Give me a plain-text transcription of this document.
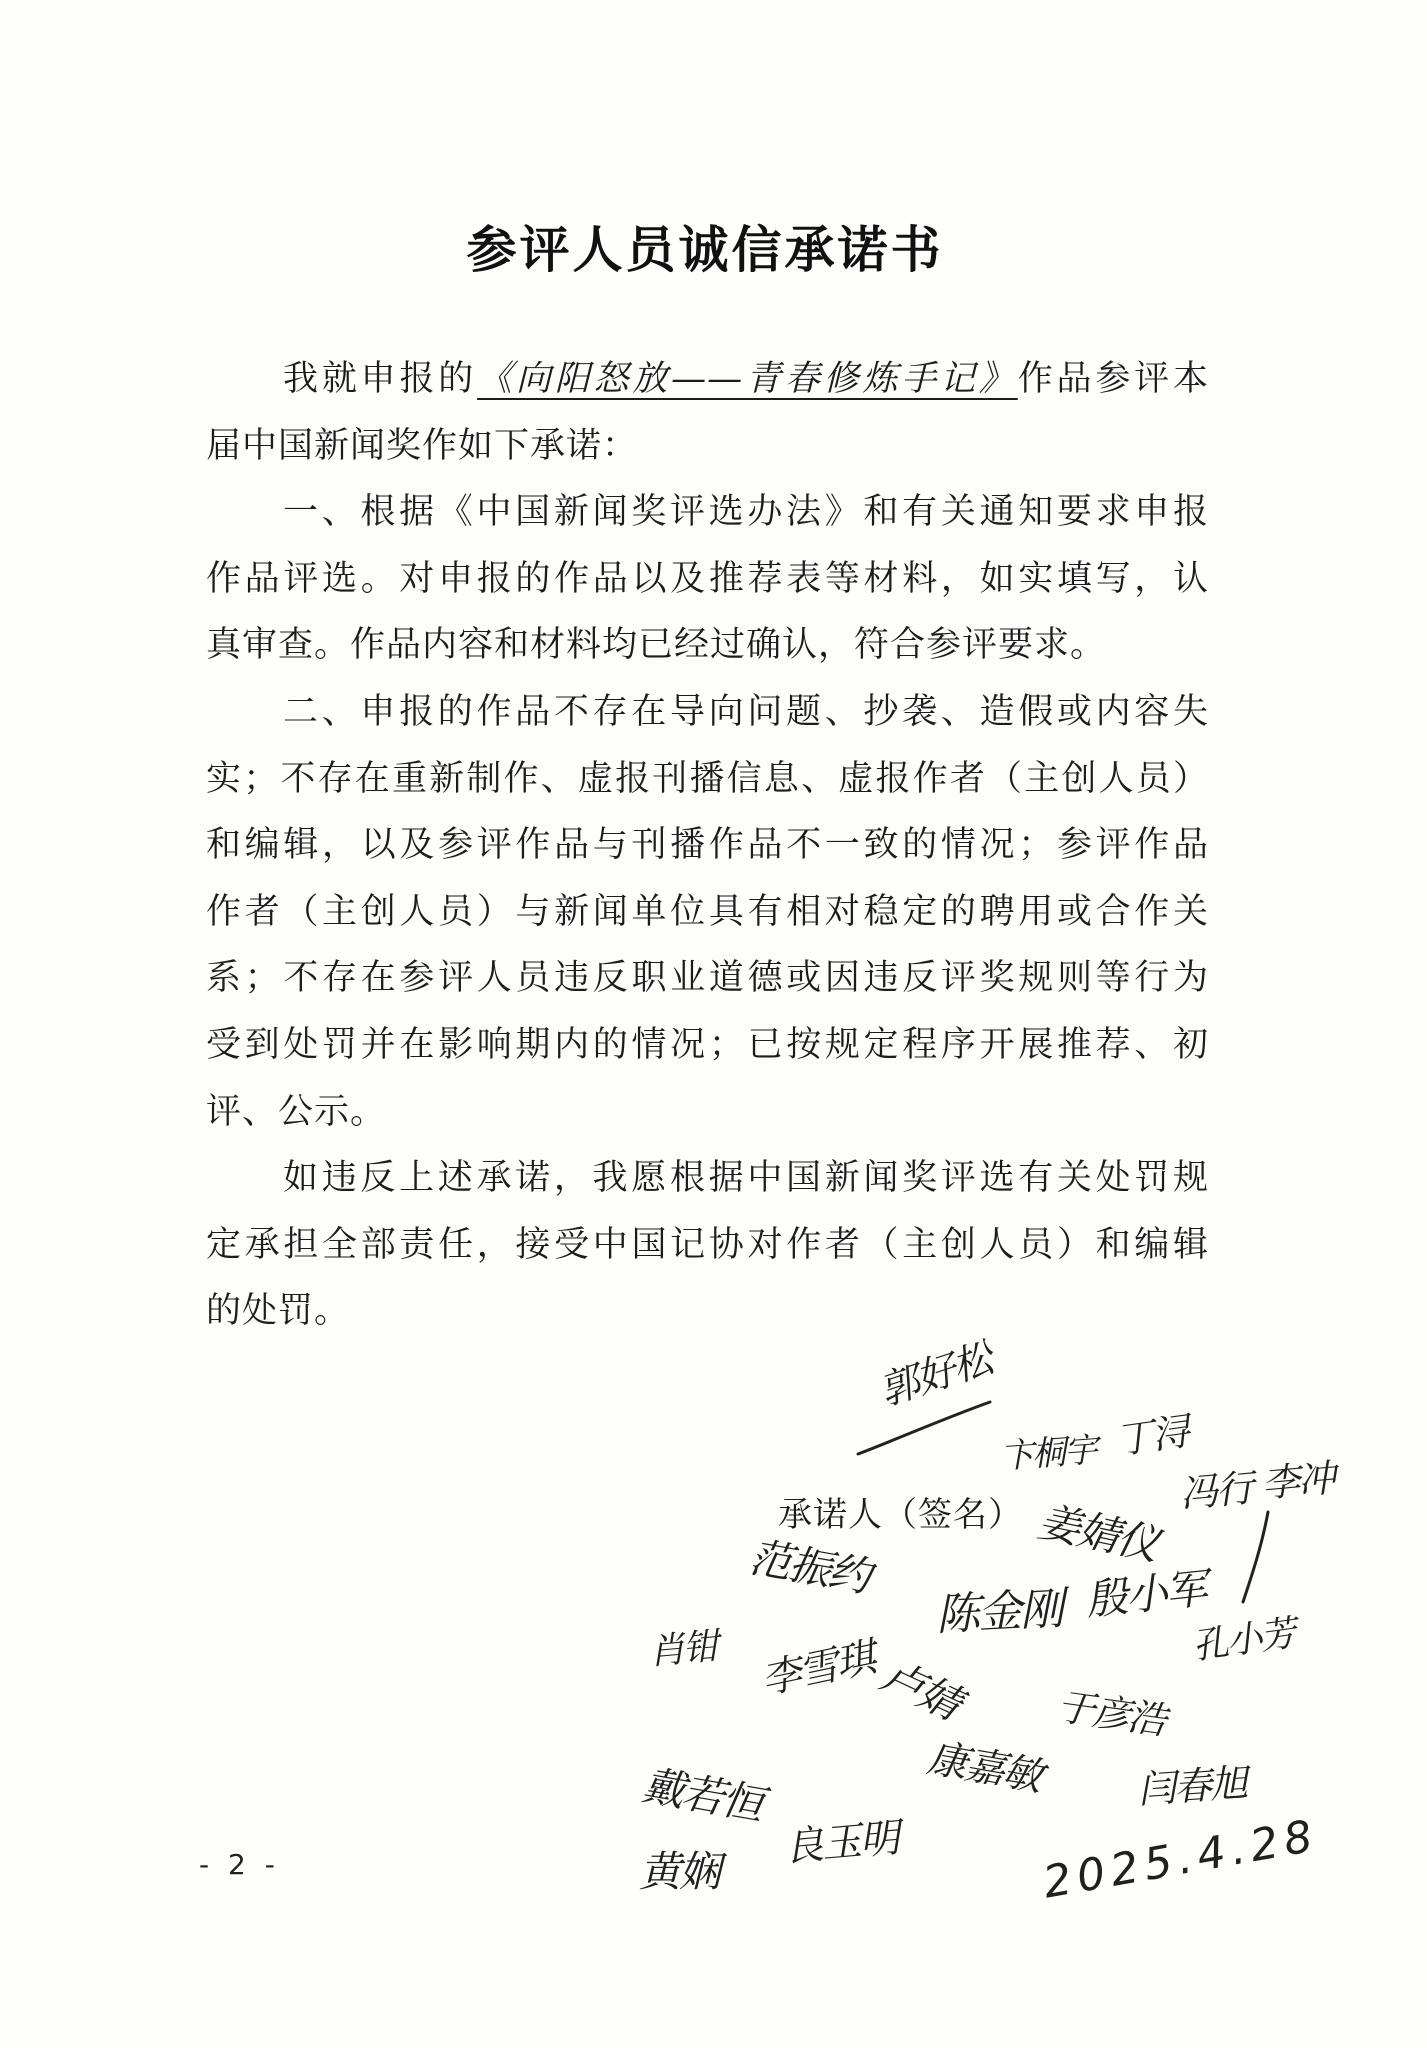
参评人员诚信承诺书
我就申报的《向阳怒放——青春修炼手记》作品参评本
届中国新闻奖作如下承诺：
一、根据《中国新闻奖评选办法》和有关通知要求申报
作品评选。对申报的作品以及推荐表等材料，如实填写，认
真审查。作品内容和材料均已经过确认，符合参评要求。
二、申报的作品不存在导向问题、抄袭、造假或内容失
实；不存在重新制作、虚报刊播信息、虚报作者（主创人员）
和编辑，以及参评作品与刊播作品不一致的情况；参评作品
作者（主创人员）与新闻单位具有相对稳定的聘用或合作关
系；不存在参评人员违反职业道德或因违反评奖规则等行为
受到处罚并在影响期内的情况；已按规定程序开展推荐、初
评、公示。
如违反上述承诺，我愿根据中国新闻奖评选有关处罚规
定承担全部责任，接受中国记协对作者（主创人员）和编辑
的处罚。
承诺人（签名）
郭好松
卞桐宇 丁浔
冯行 李冲
姜婧仪
范振约
陈金刚 殷小军
孔小芳
肖钳 李雪琪
卢婧 于彦浩
戴若恒	康嘉敏 闫春旭
黄娴
良玉明	2025.4.28
- 2 -
